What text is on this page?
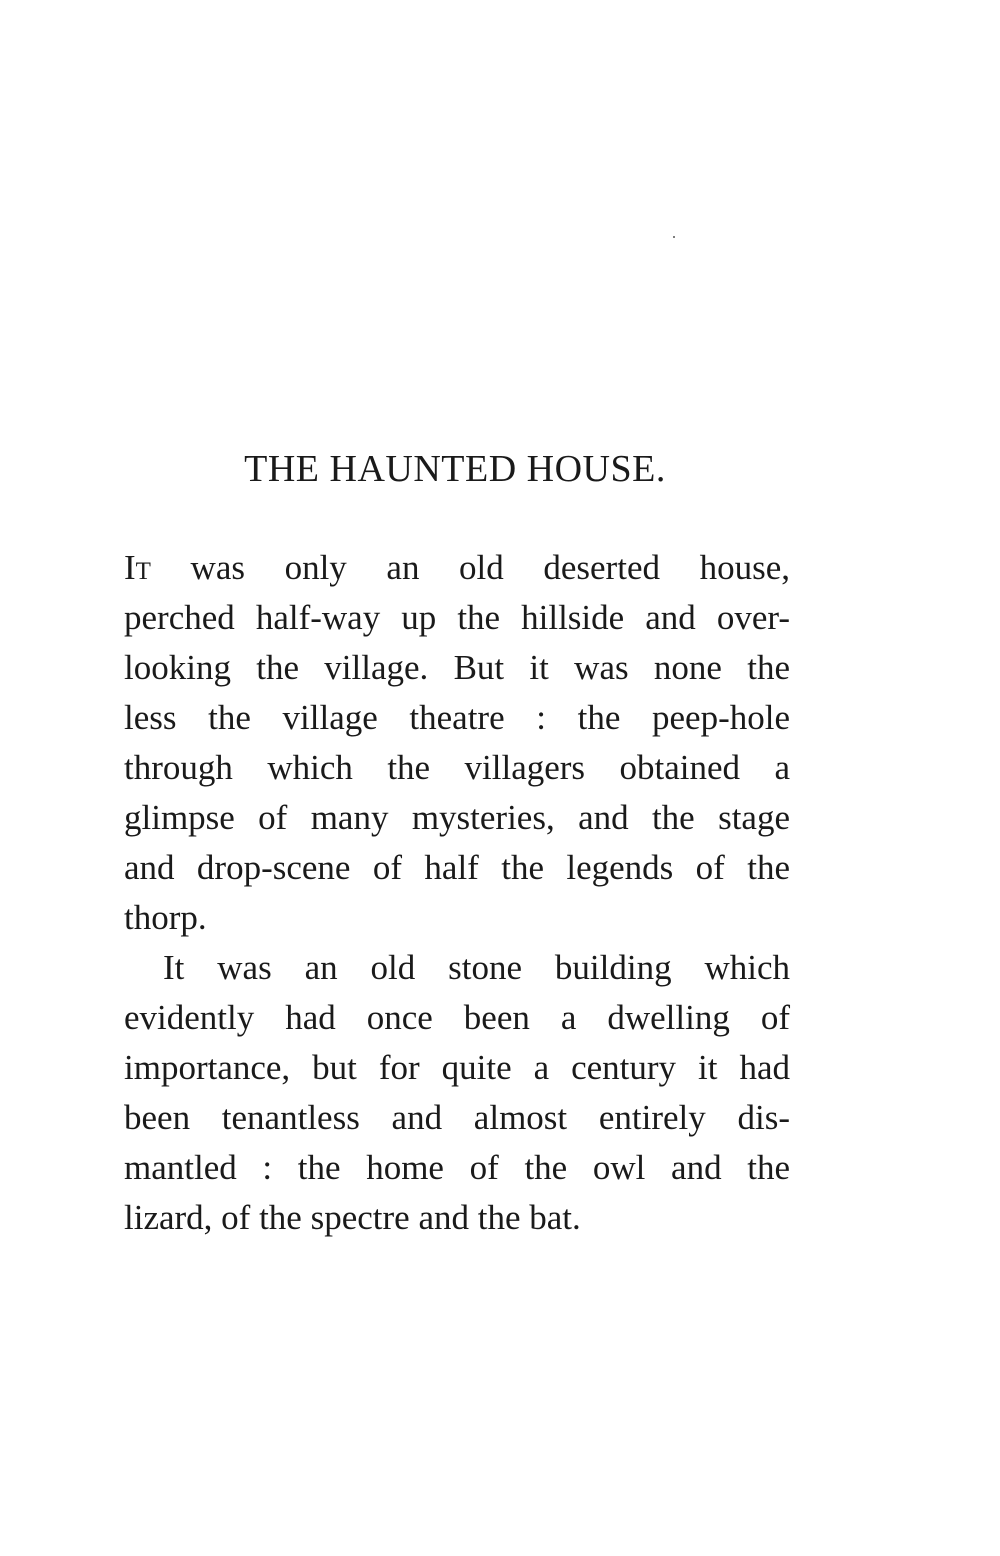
THE HAUNTED HOUSE.
It was only an old deserted house,
perched half-way up the hillside and over-
looking the village. But it was none the
less the village theatre : the peep-hole
through which the villagers obtained a
glimpse of many mysteries, and the stage
and drop-scene of half the legends of the
thorp.
It was an old stone building which
evidently had once been a dwelling of
importance, but for quite a century it had
been tenantless and almost entirely dis-
mantled : the home of the owl and the
lizard, of the spectre and the bat.
